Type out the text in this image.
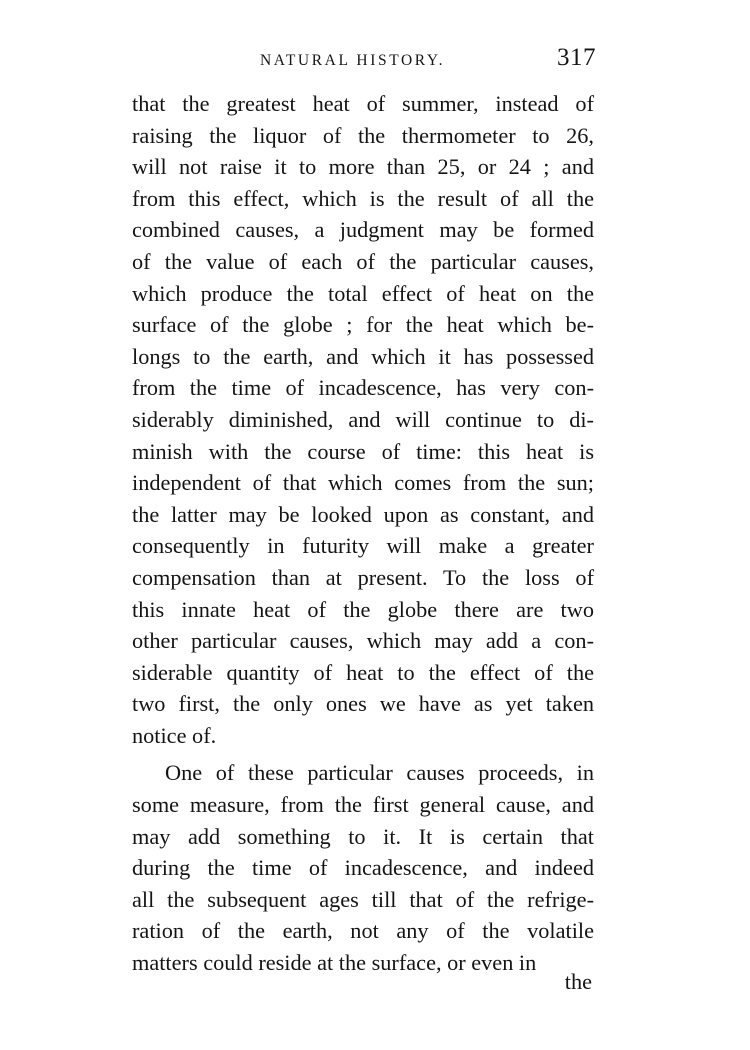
NATURAL HISTORY.	317
that the greatest heat of summer, instead of
raising the liquor of the thermometer to 26,
will not raise it to more than 25, or 24 ; and
from this effect, which is the result of all the
combined causes, a judgment may be formed
of the value of each of the particular causes,
which produce the total effect of heat on the
surface of the globe ; for the heat which be-
longs to the earth, and which it has possessed
from the time of incadescence, has very con-
siderably diminished, and will continue to di-
minish with the course of time: this heat is
independent of that which comes from the sun;
the latter may be looked upon as constant, and
consequently in futurity will make a greater
compensation than at present. To the loss of
this innate heat of the globe there are two
other particular causes, which may add a con-
siderable quantity of heat to the effect of the
two first, the only ones we have as yet taken
notice of.
One of these particular causes proceeds, in
some measure, from the first general cause, and
may add something to it. It is certain that
during the time of incadescence, and indeed
all the subsequent ages till that of the refrige-
ration of the earth, not any of the volatile
matters could reside at the surface, or even in
the
